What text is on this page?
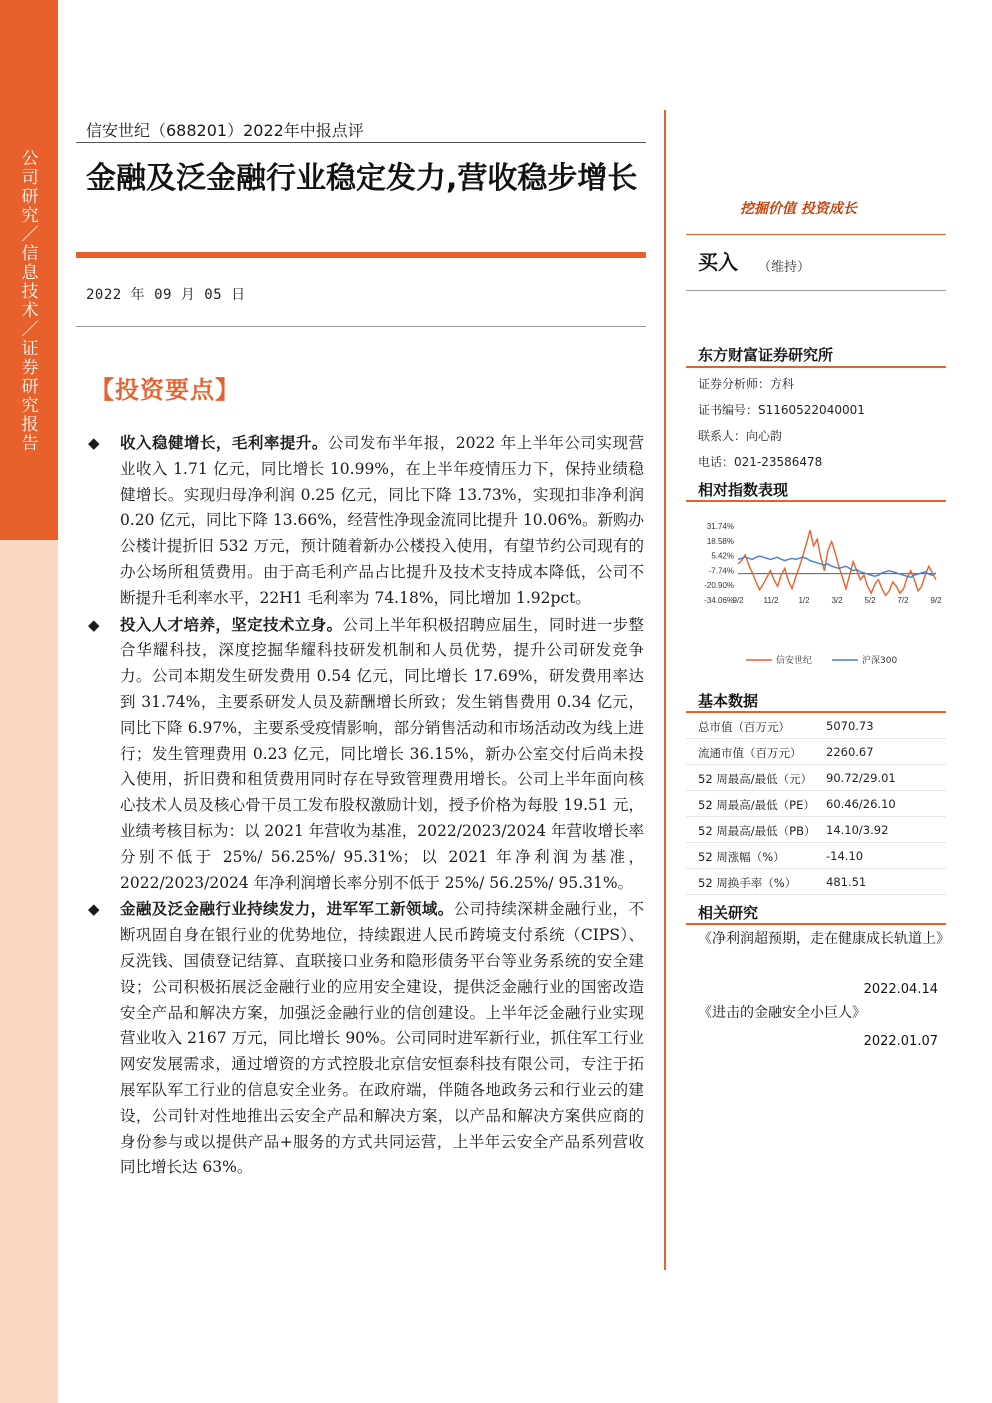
公司研究／信息技术／证券研究报告
信安世纪（688201）2022年中报点评
金融及泛金融行业稳定发力,营收稳步增长
2022 年 09 月 05 日
【投资要点】
◆ 收入稳健增长，毛利率提升。公司发布半年报，2022 年上半年公司实现营业收入 1.71 亿元，同比增长 10.99%，在上半年疫情压力下，保持业绩稳健增长。实现归母净利润 0.25 亿元，同比下降 13.73%，实现扣非净利润 0.20 亿元，同比下降 13.66%，经营性净现金流同比提升 10.06%。新购办公楼计提折旧 532 万元，预计随着新办公楼投入使用，有望节约公司现有的办公场所租赁费用。由于高毛利产品占比提升及技术支持成本降低，公司不断提升毛利率水平，22H1 毛利率为 74.18%，同比增加 1.92pct。
◆ 投入人才培养，坚定技术立身。公司上半年积极招聘应届生，同时进一步整合华耀科技，深度挖掘华耀科技研发机制和人员优势，提升公司研发竞争力。公司本期发生研发费用 0.54 亿元，同比增长 17.69%，研发费用率达到 31.74%，主要系研发人员及薪酬增长所致；发生销售费用 0.34 亿元，同比下降 6.97%，主要系受疫情影响，部分销售活动和市场活动改为线上进行；发生管理费用 0.23 亿元，同比增长 36.15%，新办公室交付后尚未投入使用，折旧费和租赁费用同时存在导致管理费用增长。公司上半年面向核心技术人员及核心骨干员工发布股权激励计划，授予价格为每股 19.51 元，业绩考核目标为：以 2021 年营收为基准，2022/2023/2024 年营收增长率分别不低于 25%/ 56.25%/ 95.31%；以 2021 年净利润为基准，2022/2023/2024 年净利润增长率分别不低于 25%/ 56.25%/ 95.31%。
◆ 金融及泛金融行业持续发力，进军军工新领域。公司持续深耕金融行业，不断巩固自身在银行业的优势地位，持续跟进人民币跨境支付系统（CIPS）、反洗钱、国债登记结算、直联接口业务和隐形债务平台等业务系统的安全建设；公司积极拓展泛金融行业的应用安全建设，提供泛金融行业的国密改造安全产品和解决方案，加强泛金融行业的信创建设。上半年泛金融行业实现营业收入 2167 万元，同比增长 90%。公司同时进军新行业，抓住军工行业网安发展需求，通过增资的方式控股北京信安恒泰科技有限公司，专注于拓展军队军工行业的信息安全业务。在政府端，伴随各地政务云和行业云的建设，公司针对性地推出云安全产品和解决方案，以产品和解决方案供应商的身份参与或以提供产品+服务的方式共同运营，上半年云安全产品系列营收同比增长达 63%。
挖掘价值 投资成长
买入 （维持）
东方财富证券研究所
证券分析师：方科
证书编号：S1160522040001
联系人：向心韵
电话：021-23586478
相对指数表现
31.74%
18.58%
5.42%
-7.74%
-20.90%
-34.06%
9/2 11/2 1/2	3/2	5/2	7/2	9/2
信安世纪	沪深300
基本数据
总市值（百万元）	5070.73
流通市值（百万元） 2260.67
52 周最高/最低（元） 90.72/29.01
52 周最高/最低（PE） 60.46/26.10
52 周最高/最低（PB） 14.10/3.92
52 周涨幅（%）	-14.10
52 周换手率（%）	481.51
相关研究
《净利润超预期，走在健康成长轨道上》
2022.04.14
《进击的金融安全小巨人》
2022.01.07
